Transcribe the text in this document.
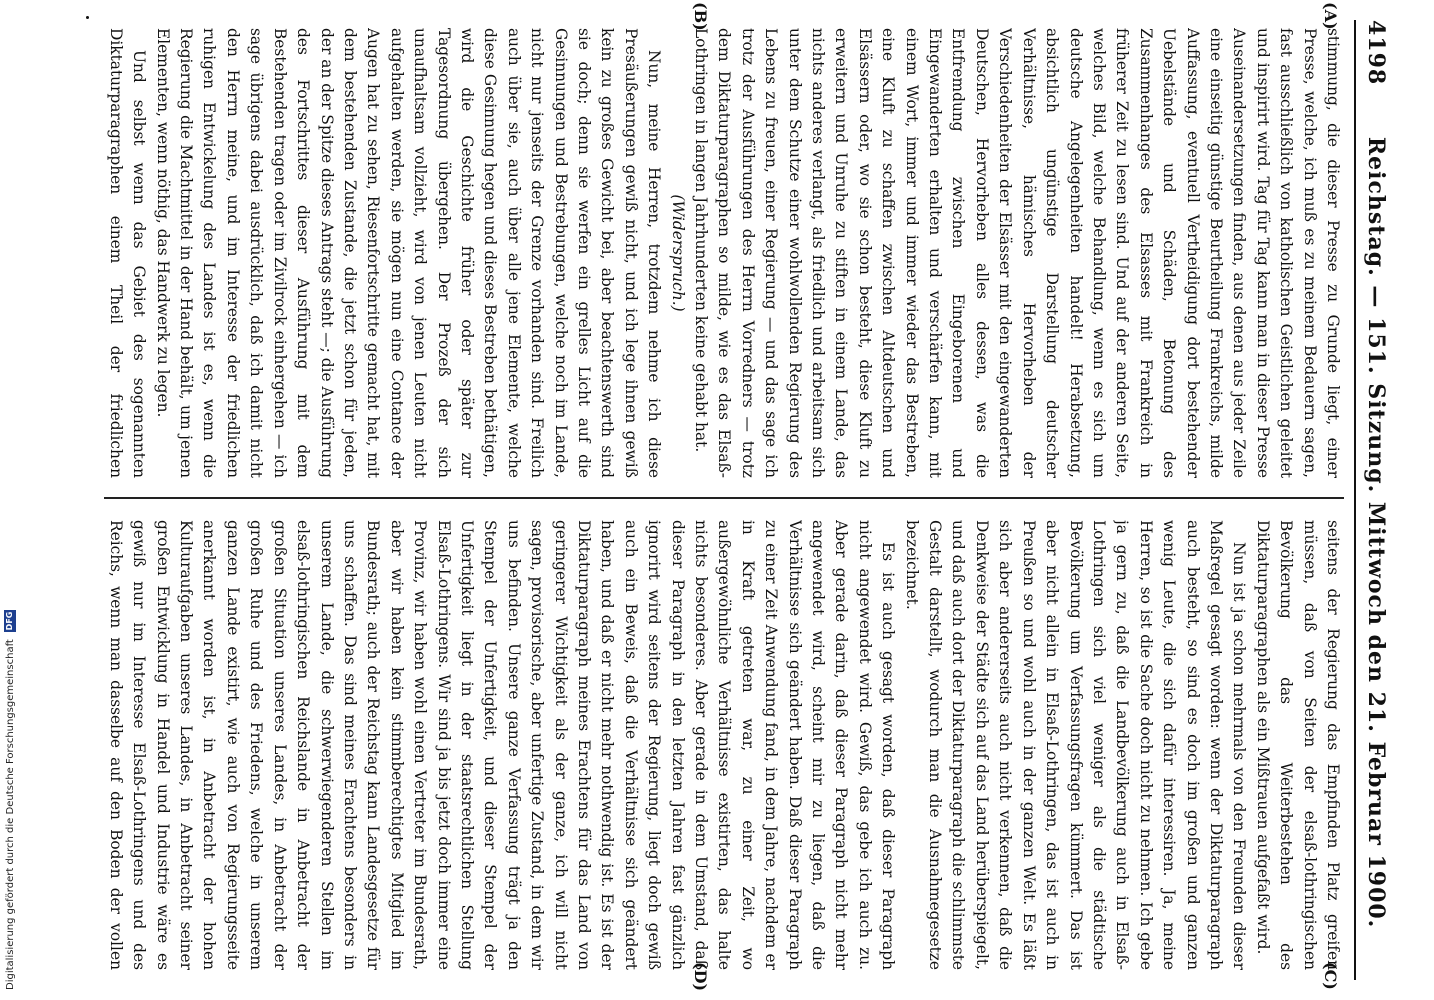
4198
Reichstag. — 151. Sitzung. Mittwoch den 21. Februar 1900.

stimmung, die dieser Presse zu Grunde liegt, einer Presse, welche, ich muß es zu meinem Bedauern sagen, fast ausschließlich von katholischen Geistlichen geleitet und inspirirt wird. Tag für Tag kann man in dieser Presse Auseinandersetzungen finden, aus denen aus jeder Zeile eine einseitig günstige Beurtheilung Frankreichs, milde Auffassung, eventuell Vertheidigung dort bestehender Uebelstände und Schäden, Betonung des Zusammenhanges des Elsasses mit Frankreich in früherer Zeit zu lesen sind. Und auf der anderen Seite, welches Bild, welche Behandlung, wenn es sich um deutsche Angelegenheiten handelt! Herabsetzung, absichtlich ungünstige Darstellung deutscher Verhältnisse, hämisches Hervorheben der Verschiedenheiten der Elsässer mit den eingewanderten Deutschen, Hervorheben alles dessen, was die Entfremdung zwischen Eingeborenen und Eingewanderten erhalten und verschärfen kann, mit einem Wort, immer und immer wieder das Bestreben, eine Kluft zu schaffen zwischen Altdeutschen und Elsässern oder, wo sie schon besteht, diese Kluft zu erweitern und Unruhe zu stiften in einem Lande, das nichts anderes verlangt, als friedlich und arbeitsam sich unter dem Schutze einer wohlwollenden Regierung des Lebens zu freuen, einer Regierung — und das sage ich trotz der Ausführungen des Herrn Vorredners — trotz dem Diktaturparagraphen so milde, wie es das Elsaß-Lothringen in langen Jahrhunderten keine gehabt hat.

(Widerspruch.)

Nun, meine Herren, trotzdem nehme ich diese Presäußerungen gewiß nicht, und ich lege ihnen gewiß kein zu großes Gewicht bei, aber beachtenswerth sind sie doch; denn sie werfen ein grelles Licht auf die Gesinnungen und Bestrebungen, welche noch im Lande, nicht nur jenseits der Grenze vorhanden sind. Freilich auch über sie, auch über alle jene Elemente, welche diese Gesinnung hegen und dieses Bestreben bethätigen, wird die Geschichte früher oder später zur Tagesordnung übergehen. Der Prozeß der sich unaufhaltsam vollzieht, wird von jenen Leuten nicht aufgehalten werden, sie mögen nun eine Contance der Augen hat zu sehen, Riesenfortschritte gemacht hat, mit dem bestehenden Zustande, die jetzt schon für jeden, der an der Spitze dieses Antrags steht —; die Ausführung des Fortschrittes dieser Ausführung mit dem Bestehenden tragen oder im Zivilrock einhergehen — ich sage übrigens dabei ausdrücklich, daß ich damit nicht den Herrn meine, und im Interesse der friedlichen ruhigen Entwickelung des Landes ist es, wenn die Regierung die Machtmittel in der Hand behält, um jenen Elementen, wenn nöthig, das Handwerk zu legen.

Und selbst wenn das Gebiet des sogenannten Diktaturparagraphen einem Theil der friedlichen

seitens der Regierung das Empfinden Platz greifen müssen, daß von Seiten der elsaß-lothringischen Bevölkerung das Weiterbestehen des Diktaturparagraphen als ein Mißtrauen aufgefaßt wird.

Nun ist ja schon mehrmals von den Freunden dieser Maßregel gesagt worden: wenn der Diktaturparagraph auch besteht, so sind es doch im großen und ganzen wenig Leute, die sich dafür interessiren. Ja, meine Herren, so ist die Sache doch nicht zu nehmen. Ich gebe ja gern zu, daß die Landbevölkerung auch in Elsaß-Lothringen sich viel weniger als die städtische Bevölkerung um Verfassungsfragen kümmert. Das ist aber nicht allein in Elsaß-Lothringen, das ist auch in Preußen so und wohl auch in der ganzen Welt. Es läßt sich aber andererseits auch nicht verkennen, daß die Denkweise der Städte sich auf das Land herüberspiegelt, und daß auch dort der Diktaturparagraph die schlimmste Gestalt darstellt, wodurch man die Ausnahmegesetze bezeichnet.

Es ist auch gesagt worden, daß dieser Paragraph nicht angewendet wird. Gewiß, das gebe ich auch zu. Aber gerade darin, daß dieser Paragraph nicht mehr angewendet wird, scheint mir zu liegen, daß die Verhältnisse sich geändert haben. Daß dieser Paragraph zu einer Zeit Anwendung fand, in dem Jahre, nachdem er in Kraft getreten war, zu einer Zeit, wo außergewöhnliche Verhältnisse existirten, das halte nichts besonderes. Aber gerade in dem Umstand, daß dieser Paragraph in den letzten Jahren fast gänzlich ignorirt wird seitens der Regierung, liegt doch gewiß auch ein Beweis, daß die Verhältnisse sich geändert haben, und daß er nicht mehr nothwendig ist. Es ist der Diktaturparagraph meines Erachtens für das Land von geringerer Wichtigkeit als der ganze, ich will nicht sagen, provisorische, aber unfertige Zustand, in dem wir uns befinden. Unsere ganze Verfassung trägt ja den Stempel der Unfertigkeit, und dieser Stempel der Unfertigkeit liegt in der staatsrechtlichen Stellung Elsaß-Lothringens. Wir sind ja bis jetzt doch immer eine Provinz, wir haben wohl einen Vertreter im Bundesrath, aber wir haben kein stimmberechtigtes Mitglied im Bundesrath; auch der Reichstag kann Landesgesetze für uns schaffen. Das sind meines Erachtens besonders in unserem Lande, die schwerwiegenderen Stellen im elsaß-lothringischen Reichslande in Anbetracht der großen Situation unseres Landes, in Anbetracht der großen Ruhe und des Friedens, welche in unserem ganzen Lande existirt, wie auch von Regierungsseite anerkannt worden ist, in Anbetracht der hohen Kulturaufgaben unseres Landes, in Anbetracht seiner großen Entwicklung in Handel und Industrie wäre es gewiß nur im Interesse Elsaß-Lothringens und des Reichs, wenn man dasselbe auf den Boden der vollen

(A)
(B)
(C)
(D)
Digitalisierung gefördert durch die Deutsche Forschungsgemeinschaft DFG
